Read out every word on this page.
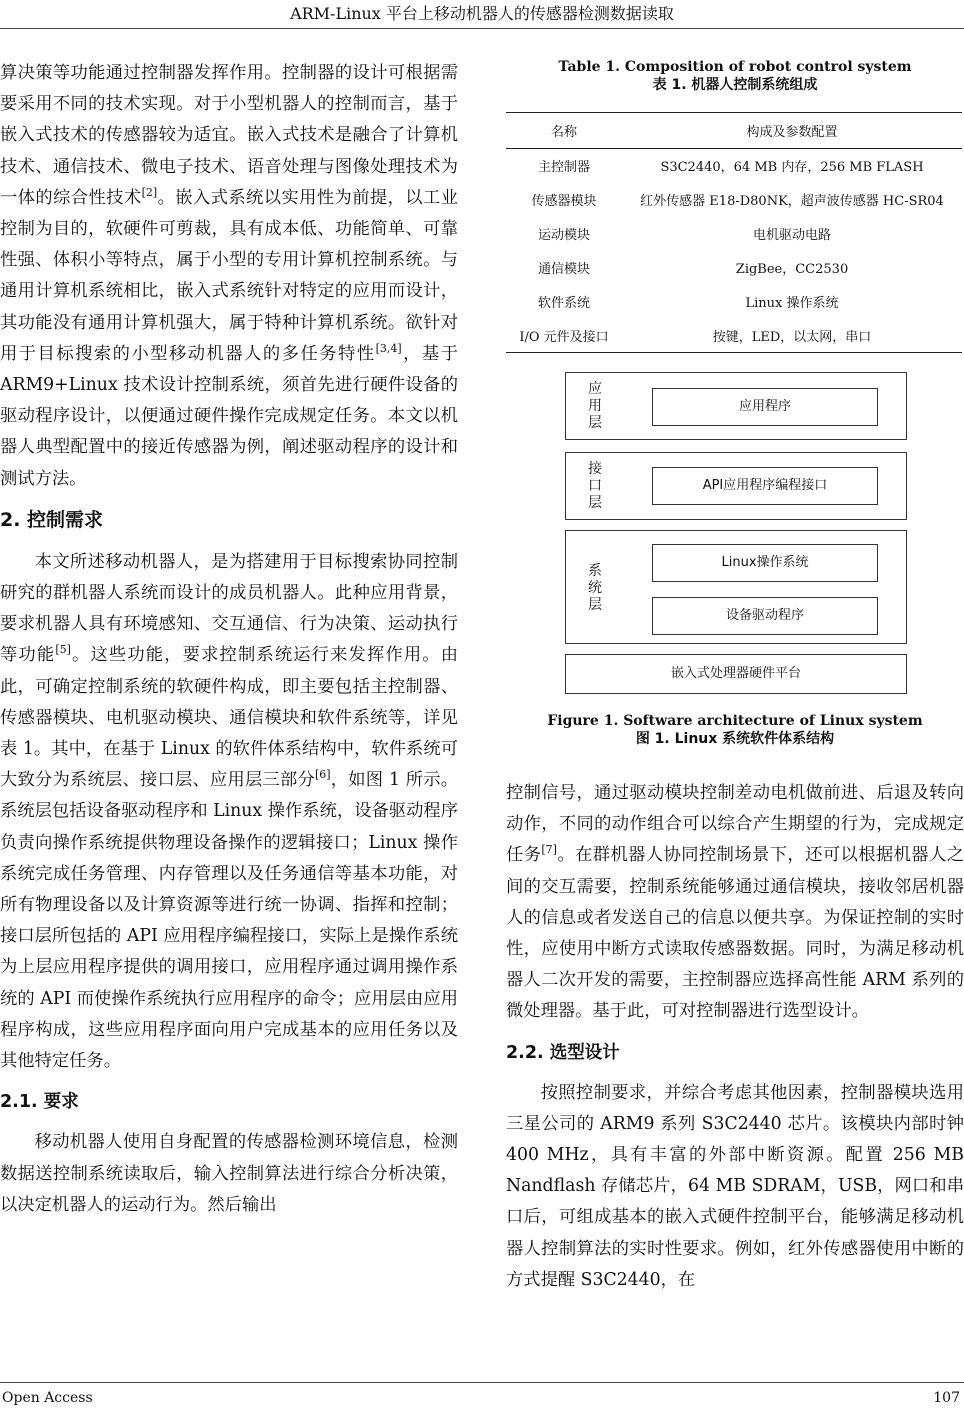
ARM-Linux 平台上移动机器人的传感器检测数据读取

算决策等功能通过控制器发挥作用。控制器的设计可根据需要采用不同的技术实现。对于小型机器人的控制而言，基于嵌入式技术的传感器较为适宜。嵌入式技术是融合了计算机技术、通信技术、微电子技术、语音处理与图像处理技术为一体的综合性技术[2]。嵌入式系统以实用性为前提，以工业控制为目的，软硬件可剪裁，具有成本低、功能简单、可靠性强、体积小等特点，属于小型的专用计算机控制系统。与通用计算机系统相比，嵌入式系统针对特定的应用而设计，其功能没有通用计算机强大，属于特种计算机系统。欲针对用于目标搜索的小型移动机器人的多任务特性[3,4]，基于 ARM9+Linux 技术设计控制系统，须首先进行硬件设备的驱动程序设计，以便通过硬件操作完成规定任务。本文以机器人典型配置中的接近传感器为例，阐述驱动程序的设计和测试方法。

2. 控制需求

本文所述移动机器人，是为搭建用于目标搜索协同控制研究的群机器人系统而设计的成员机器人。此种应用背景，要求机器人具有环境感知、交互通信、行为决策、运动执行等功能[5]。这些功能，要求控制系统运行来发挥作用。由此，可确定控制系统的软硬件构成，即主要包括主控制器、传感器模块、电机驱动模块、通信模块和软件系统等，详见表 1。其中，在基于 Linux 的软件体系结构中，软件系统可大致分为系统层、接口层、应用层三部分[6]，如图 1 所示。系统层包括设备驱动程序和 Linux 操作系统，设备驱动程序负责向操作系统提供物理设备操作的逻辑接口；Linux 操作系统完成任务管理、内存管理以及任务通信等基本功能，对所有物理设备以及计算资源等进行统一协调、指挥和控制；接口层所包括的 API 应用程序编程接口，实际上是操作系统为上层应用程序提供的调用接口，应用程序通过调用操作系统的 API 而使操作系统执行应用程序的命令；应用层由应用程序构成，这些应用程序面向用户完成基本的应用任务以及其他特定任务。

2.1. 要求

移动机器人使用自身配置的传感器检测环境信息，检测数据送控制系统读取后，输入控制算法进行综合分析决策，以决定机器人的运动行为。然后输出

Table 1. Composition of robot control system
表 1. 机器人控制系统组成
名称	构成及参数配置
主控制器	S3C2440，64 MB 内存，256 MB FLASH
传感器模块	红外传感器 E18-D80NK，超声波传感器 HC-SR04
运动模块	电机驱动电路
通信模块	ZigBee，CC2530
软件系统	Linux 操作系统
I/O 元件及接口	按键，LED，以太网，串口
应用层
应用程序
接口层
API应用程序编程接口
系统层
Linux操作系统
设备驱动程序
嵌入式处理器硬件平台
Figure 1. Software architecture of Linux system
图 1. Linux 系统软件体系结构

控制信号，通过驱动模块控制差动电机做前进、后退及转向动作，不同的动作组合可以综合产生期望的行为，完成规定任务[7]。在群机器人协同控制场景下，还可以根据机器人之间的交互需要，控制系统能够通过通信模块，接收邻居机器人的信息或者发送自己的信息以便共享。为保证控制的实时性，应使用中断方式读取传感器数据。同时，为满足移动机器人二次开发的需要，主控制器应选择高性能 ARM 系列的微处理器。基于此，可对控制器进行选型设计。

2.2. 选型设计

按照控制要求，并综合考虑其他因素，控制器模块选用三星公司的 ARM9 系列 S3C2440 芯片。该模块内部时钟 400 MHz，具有丰富的外部中断资源。配置 256 MB Nandflash 存储芯片，64 MB SDRAM，USB，网口和串口后，可组成基本的嵌入式硬件控制平台，能够满足移动机器人控制算法的实时性要求。例如，红外传感器使用中断的方式提醒 S3C2440，在

Open Access	107
